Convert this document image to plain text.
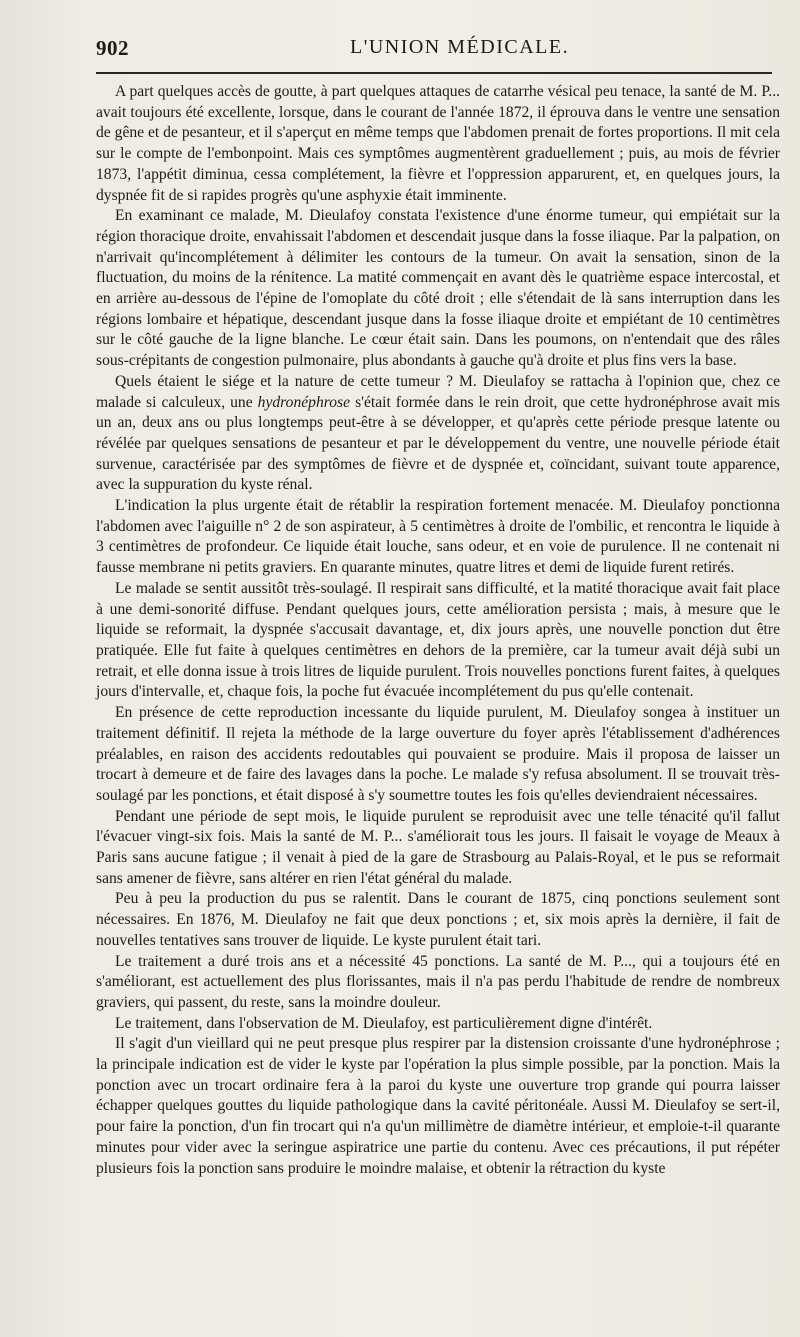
902	L'UNION MÉDICALE.

A part quelques accès de goutte, à part quelques attaques de catarrhe vésical peu tenace, la santé de M. P... avait toujours été excellente, lorsque, dans le courant de l'année 1872, il éprouva dans le ventre une sensation de gêne et de pesanteur, et il s'aperçut en même temps que l'abdomen prenait de fortes proportions. Il mit cela sur le compte de l'embonpoint. Mais ces symptômes augmentèrent graduellement ; puis, au mois de février 1873, l'appétit diminua, cessa complétement, la fièvre et l'oppression apparurent, et, en quelques jours, la dyspnée fit de si rapides progrès qu'une asphyxie était imminente.

En examinant ce malade, M. Dieulafoy constata l'existence d'une énorme tumeur, qui empiétait sur la région thoracique droite, envahissait l'abdomen et descendait jusque dans la fosse iliaque. Par la palpation, on n'arrivait qu'incomplétement à délimiter les contours de la tumeur. On avait la sensation, sinon de la fluctuation, du moins de la rénitence. La matité commençait en avant dès le quatrième espace intercostal, et en arrière au-dessous de l'épine de l'omoplate du côté droit ; elle s'étendait de là sans interruption dans les régions lombaire et hépatique, descendant jusque dans la fosse iliaque droite et empiétant de 10 centimètres sur le côté gauche de la ligne blanche. Le cœur était sain. Dans les poumons, on n'entendait que des râles sous-crépitants de congestion pulmonaire, plus abondants à gauche qu'à droite et plus fins vers la base.

Quels étaient le siége et la nature de cette tumeur ? M. Dieulafoy se rattacha à l'opinion que, chez ce malade si calculeux, une hydronéphrose s'était formée dans le rein droit, que cette hydronéphrose avait mis un an, deux ans ou plus longtemps peut-être à se développer, et qu'après cette période presque latente ou révélée par quelques sensations de pesanteur et par le développement du ventre, une nouvelle période était survenue, caractérisée par des symptômes de fièvre et de dyspnée et, coïncidant, suivant toute apparence, avec la suppuration du kyste rénal.

L'indication la plus urgente était de rétablir la respiration fortement menacée. M. Dieulafoy ponctionna l'abdomen avec l'aiguille n° 2 de son aspirateur, à 5 centimètres à droite de l'ombilic, et rencontra le liquide à 3 centimètres de profondeur. Ce liquide était louche, sans odeur, et en voie de purulence. Il ne contenait ni fausse membrane ni petits graviers. En quarante minutes, quatre litres et demi de liquide furent retirés.

Le malade se sentit aussitôt très-soulagé. Il respirait sans difficulté, et la matité thoracique avait fait place à une demi-sonorité diffuse. Pendant quelques jours, cette amélioration persista ; mais, à mesure que le liquide se reformait, la dyspnée s'accusait davantage, et, dix jours après, une nouvelle ponction dut être pratiquée. Elle fut faite à quelques centimètres en dehors de la première, car la tumeur avait déjà subi un retrait, et elle donna issue à trois litres de liquide purulent. Trois nouvelles ponctions furent faites, à quelques jours d'intervalle, et, chaque fois, la poche fut évacuée incomplétement du pus qu'elle contenait.

En présence de cette reproduction incessante du liquide purulent, M. Dieulafoy songea à instituer un traitement définitif. Il rejeta la méthode de la large ouverture du foyer après l'établissement d'adhérences préalables, en raison des accidents redoutables qui pouvaient se produire. Mais il proposa de laisser un trocart à demeure et de faire des lavages dans la poche. Le malade s'y refusa absolument. Il se trouvait très-soulagé par les ponctions, et était disposé à s'y soumettre toutes les fois qu'elles deviendraient nécessaires.

Pendant une période de sept mois, le liquide purulent se reproduisit avec une telle ténacité qu'il fallut l'évacuer vingt-six fois. Mais la santé de M. P... s'améliorait tous les jours. Il faisait le voyage de Meaux à Paris sans aucune fatigue ; il venait à pied de la gare de Strasbourg au Palais-Royal, et le pus se reformait sans amener de fièvre, sans altérer en rien l'état général du malade.

Peu à peu la production du pus se ralentit. Dans le courant de 1875, cinq ponctions seulement sont nécessaires. En 1876, M. Dieulafoy ne fait que deux ponctions ; et, six mois après la dernière, il fait de nouvelles tentatives sans trouver de liquide. Le kyste purulent était tari.

Le traitement a duré trois ans et a nécessité 45 ponctions. La santé de M. P..., qui a toujours été en s'améliorant, est actuellement des plus florissantes, mais il n'a pas perdu l'habitude de rendre de nombreux graviers, qui passent, du reste, sans la moindre douleur.

Le traitement, dans l'observation de M. Dieulafoy, est particulièrement digne d'intérêt.

Il s'agit d'un vieillard qui ne peut presque plus respirer par la distension croissante d'une hydronéphrose ; la principale indication est de vider le kyste par l'opération la plus simple possible, par la ponction. Mais la ponction avec un trocart ordinaire fera à la paroi du kyste une ouverture trop grande qui pourra laisser échapper quelques gouttes du liquide pathologique dans la cavité péritonéale. Aussi M. Dieulafoy se sert-il, pour faire la ponction, d'un fin trocart qui n'a qu'un millimètre de diamètre intérieur, et emploie-t-il quarante minutes pour vider avec la seringue aspiratrice une partie du contenu. Avec ces précautions, il put répéter plusieurs fois la ponction sans produire le moindre malaise, et obtenir la rétraction du kyste
